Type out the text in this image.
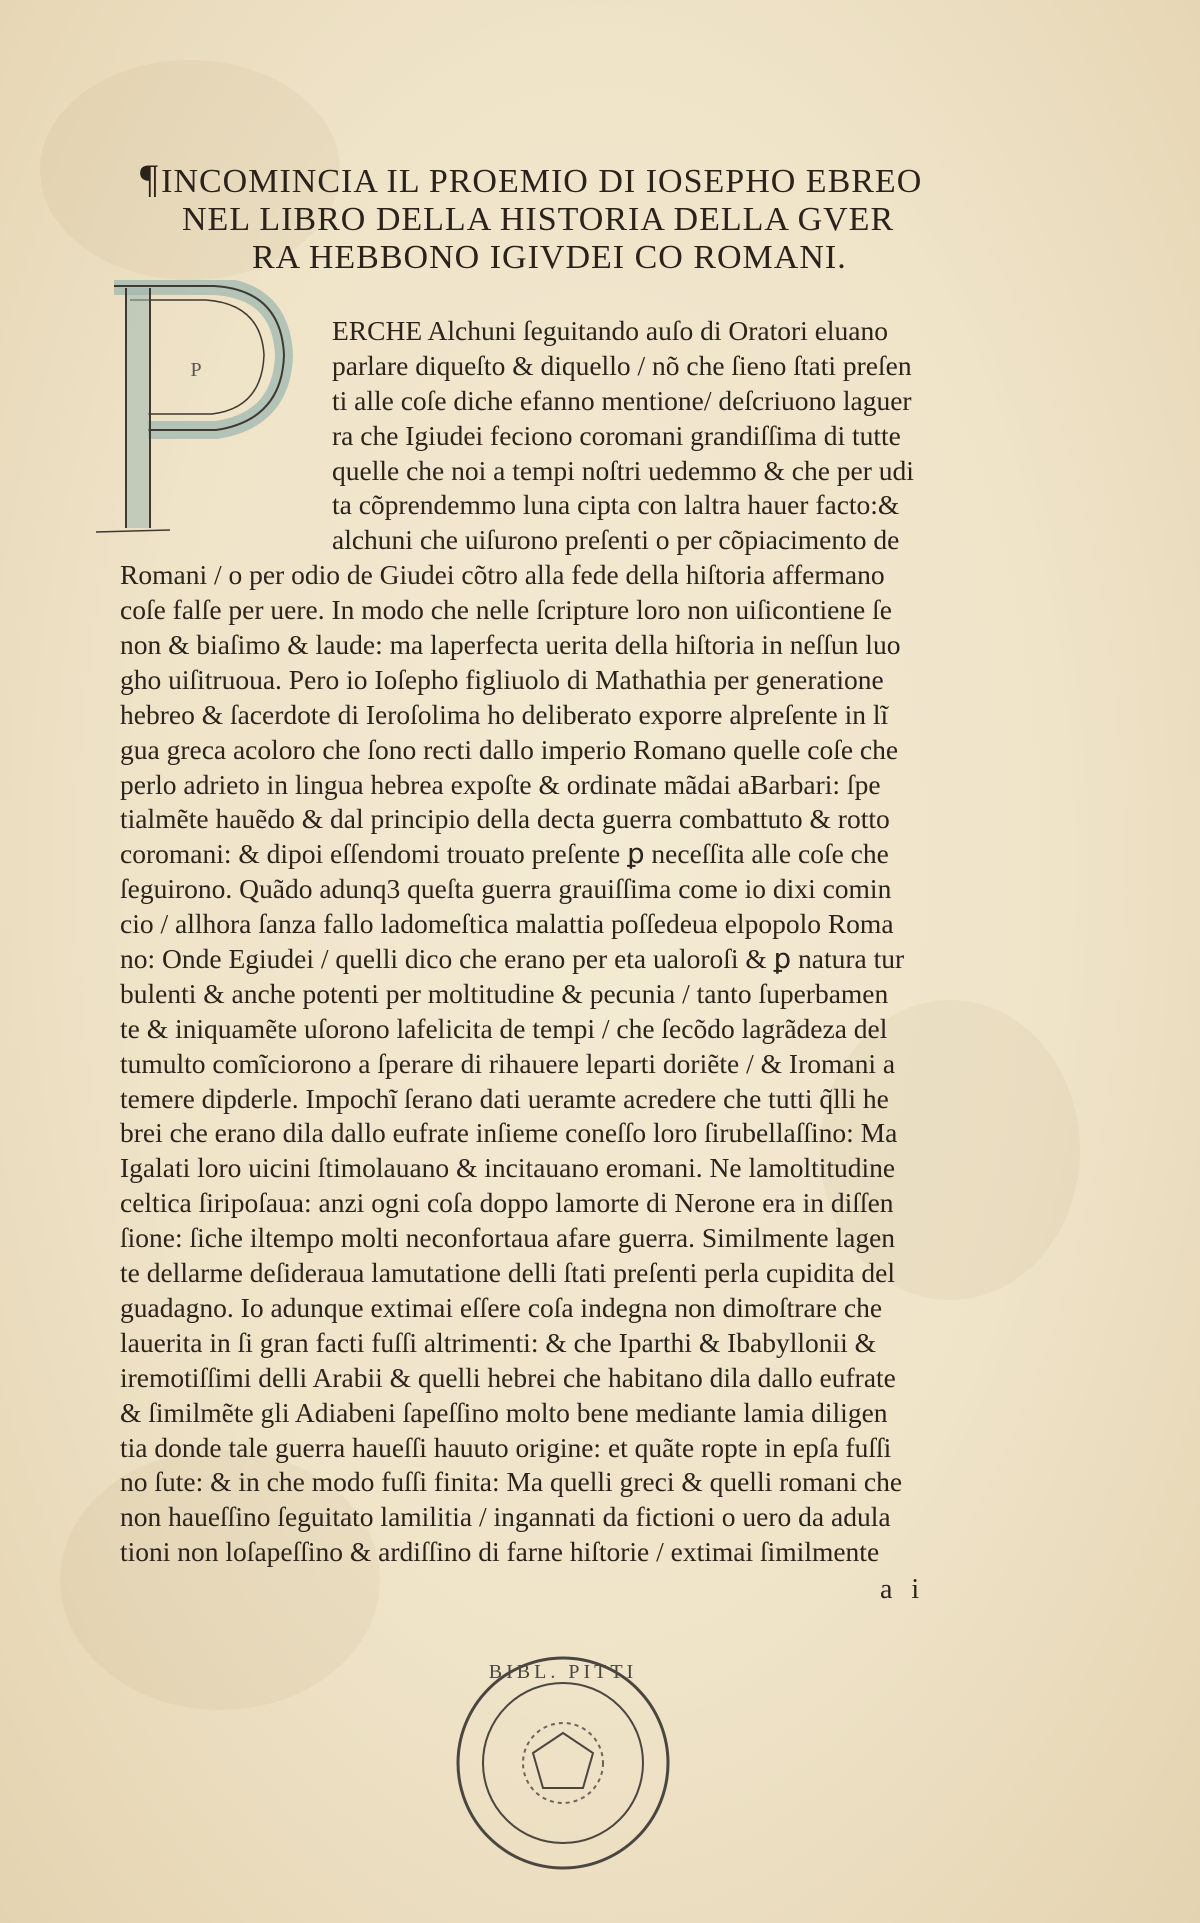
¶INCOMINCIA IL PROEMIO DI IOSEPHO EBREO
NEL LIBRO DELLA HISTORIA DELLA GVER
RA HEBBONO IGIVDEI CO ROMANI.
P
ERCHE Alchuni ſeguitando auſo di Oratori eluano
parlare diqueſto & diquello / nõ che ſieno ſtati preſen
ti alle coſe diche efanno mentione/ deſcriuono laguer
ra che Igiudei feciono coromani grandiſſima di tutte
quelle che noi a tempi noſtri uedemmo & che per udi
ta cõprendemmo luna cipta con laltra hauer facto:&
alchuni che uiſurono preſenti o per cõpiacimento de
Romani / o per odio de Giudei cõtro alla fede della hiſtoria affermano
coſe falſe per uere. In modo che nelle ſcripture loro non uiſicontiene ſe
non & biaſimo & laude: ma laperfecta uerita della hiſtoria in neſſun luo
gho uiſitruoua. Pero io Ioſepho figliuolo di Mathathia per generatione
hebreo & ſacerdote di Ieroſolima ho deliberato exporre alpreſente in lĩ
gua greca acoloro che ſono recti dallo imperio Romano quelle coſe che
perlo adrieto in lingua hebrea expoſte & ordinate mãdai aBarbari: ſpe
tialmẽte hauẽdo & dal principio della decta guerra combattuto & rotto
coromani: & dipoi eſſendomi trouato preſente ꝑ neceſſita alle coſe che
ſeguirono. Quãdo adunq3 queſta guerra grauiſſima come io dixi comin
cio / allhora ſanza fallo ladomeſtica malattia poſſedeua elpopolo Roma
no: Onde Egiudei / quelli dico che erano per eta ualoroſi & ꝑ natura tur
bulenti & anche potenti per moltitudine & pecunia / tanto ſuperbamen
te & iniquamẽte uſorono lafelicita de tempi / che ſecõdo lagrãdeza del
tumulto comĩciorono a ſperare di rihauere leparti doriẽte / & Iromani a
temere dipderle. Impochĩ ſerano dati ueramte acredere che tutti q̃lli he
brei che erano dila dallo eufrate inſieme coneſſo loro ſirubellaſſino: Ma
Igalati loro uicini ſtimolauano & incitauano eromani. Ne lamoltitudine
celtica ſiripoſaua: anzi ogni coſa doppo lamorte di Nerone era in diſſen
ſione: ſiche iltempo molti neconfortaua afare guerra. Similmente lagen
te dellarme deſideraua lamutatione delli ſtati preſenti perla cupidita del
guadagno. Io adunque extimai eſſere coſa indegna non dimoſtrare che
lauerita in ſi gran facti fuſſi altrimenti: & che Iparthi & Ibabyllonii &
iremotiſſimi delli Arabii & quelli hebrei che habitano dila dallo eufrate
& ſimilmẽte gli Adiabeni ſapeſſino molto bene mediante lamia diligen
tia donde tale guerra haueſſi hauuto origine: et quãte ropte in epſa fuſſi
no ſute: & in che modo fuſſi finita: Ma quelli greci & quelli romani che
non haueſſino ſeguitato lamilitia / ingannati da fictioni o uero da adula
tioni non loſapeſſino & ardiſſino di farne hiſtorie / extimai ſimilmente
a i
BIBL. PITTI
